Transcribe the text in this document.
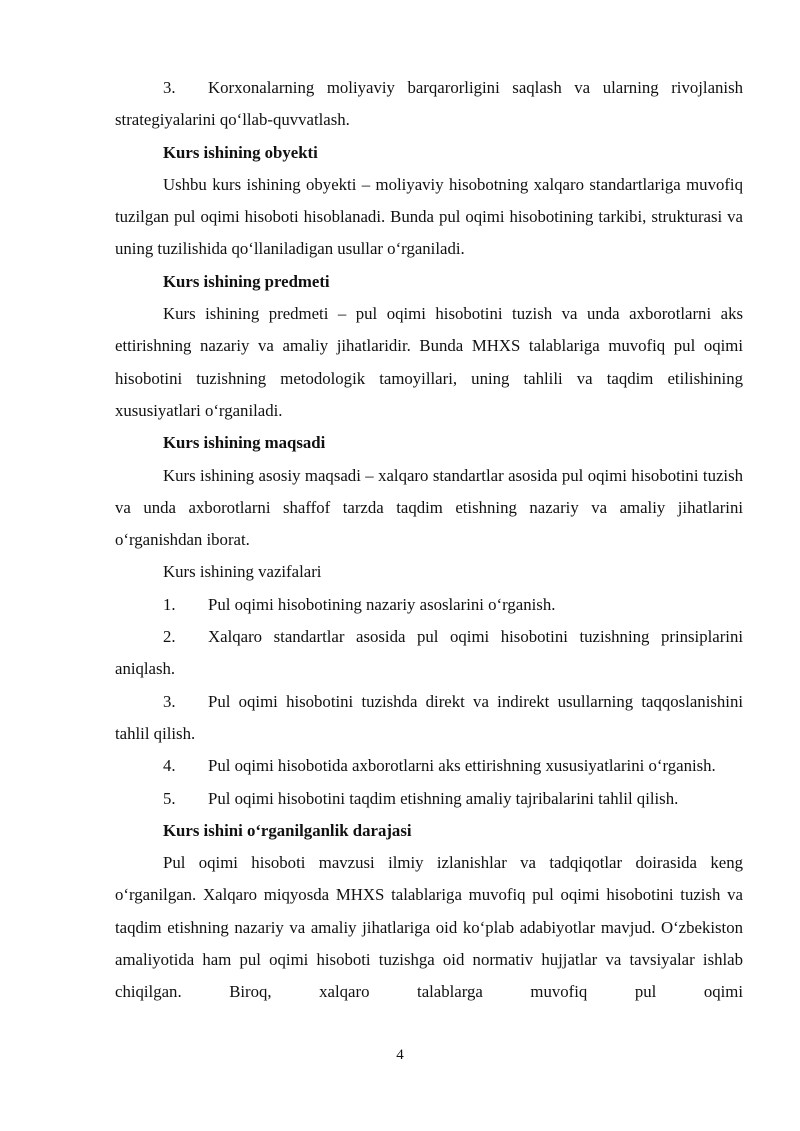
3. Korxonalarning moliyaviy barqarorligini saqlash va ularning rivojlanish strategiyalarini qo‘llab-quvvatlash.

Kurs ishining obyekti

Ushbu kurs ishining obyekti – moliyaviy hisobotning xalqaro standartlariga muvofiq tuzilgan pul oqimi hisoboti hisoblanadi. Bunda pul oqimi hisobotining tarkibi, strukturasi va uning tuzilishida qo‘llaniladigan usullar o‘rganiladi.

Kurs ishining predmeti

Kurs ishining predmeti – pul oqimi hisobotini tuzish va unda axborotlarni aks ettirishning nazariy va amaliy jihatlaridir. Bunda MHXS talablariga muvofiq pul oqimi hisobotini tuzishning metodologik tamoyillari, uning tahlili va taqdim etilishining xususiyatlari o‘rganiladi.

Kurs ishining maqsadi

Kurs ishining asosiy maqsadi – xalqaro standartlar asosida pul oqimi hisobotini tuzish va unda axborotlarni shaffof tarzda taqdim etishning nazariy va amaliy jihatlarini o‘rganishdan iborat.

Kurs ishining vazifalari

1. Pul oqimi hisobotining nazariy asoslarini o‘rganish.

2. Xalqaro standartlar asosida pul oqimi hisobotini tuzishning prinsiplarini aniqlash.

3. Pul oqimi hisobotini tuzishda direkt va indirekt usullarning taqqoslanishini tahlil qilish.

4. Pul oqimi hisobotida axborotlarni aks ettirishning xususiyatlarini o‘rganish.

5. Pul oqimi hisobotini taqdim etishning amaliy tajribalarini tahlil qilish.

Kurs ishini o‘rganilganlik darajasi

Pul oqimi hisoboti mavzusi ilmiy izlanishlar va tadqiqotlar doirasida keng o‘rganilgan. Xalqaro miqyosda MHXS talablariga muvofiq pul oqimi hisobotini tuzish va taqdim etishning nazariy va amaliy jihatlariga oid ko‘plab adabiyotlar mavjud. O‘zbekiston amaliyotida ham pul oqimi hisoboti tuzishga oid normativ hujjatlar va tavsiyalar ishlab chiqilgan. Biroq, xalqaro talablarga muvofiq pul oqimi

4
